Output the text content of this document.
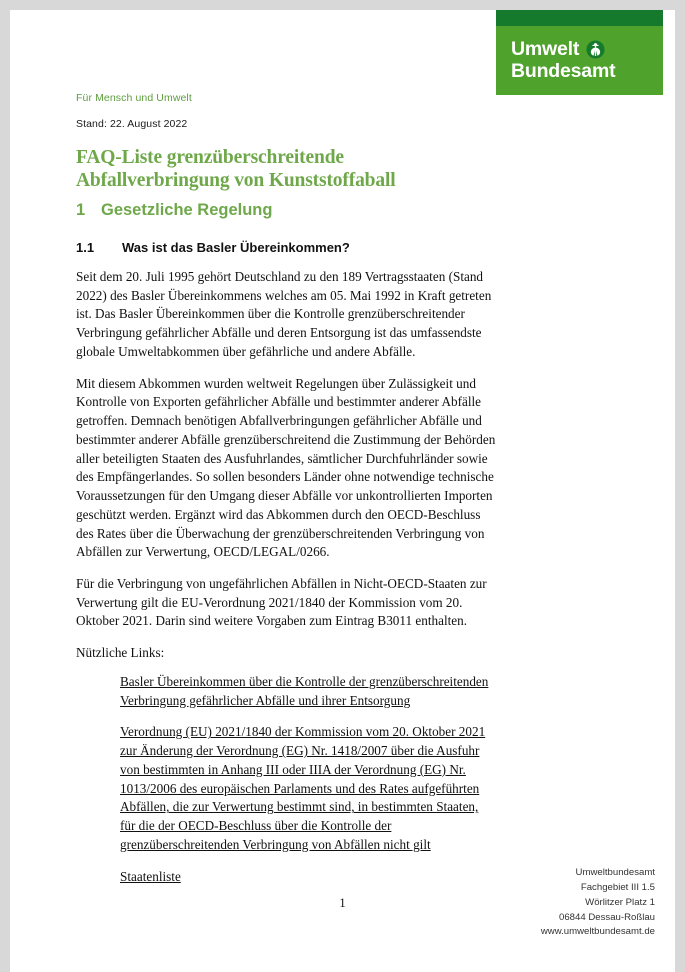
Umwelt
Bundesamt
Für Mensch und Umwelt
Stand: 22. August 2022
FAQ-Liste grenzüberschreitende
Abfallverbringung von Kunststoffaball
1 Gesetzliche Regelung
1.1	Was ist das Basler Übereinkommen?

Seit dem 20. Juli 1995 gehört Deutschland zu den 189 Vertragsstaaten (Stand 2022) des Basler Übereinkommens welches am 05. Mai 1992 in Kraft getreten ist. Das Basler Übereinkommen über die Kontrolle grenzüberschreitender Verbringung gefährlicher Abfälle und deren Entsorgung ist das umfassendste globale Umweltabkommen über gefährliche und andere Abfälle.

Mit diesem Abkommen wurden weltweit Regelungen über Zulässigkeit und Kontrolle von Exporten gefährlicher Abfälle und bestimmter anderer Abfälle getroffen. Demnach benötigen Abfallverbringungen gefährlicher Abfälle und bestimmter anderer Abfälle grenzüberschreitend die Zustimmung der Behörden aller beteiligten Staaten des Ausfuhrlandes, sämtlicher Durchfuhrländer sowie des Empfängerlandes. So sollen besonders Länder ohne notwendige technische Voraussetzungen für den Umgang dieser Abfälle vor unkontrollierten Importen geschützt werden. Ergänzt wird das Abkommen durch den OECD-Beschluss des Rates über die Überwachung der grenzüberschreitenden Verbringung von Abfällen zur Verwertung, OECD/LEGAL/0266.

Für die Verbringung von ungefährlichen Abfällen in Nicht-OECD-Staaten zur Verwertung gilt die EU-Verordnung 2021/1840 der Kommission vom 20. Oktober 2021. Darin sind weitere Vorgaben zum Eintrag B3011 enthalten.

Nützliche Links:

Basler Übereinkommen über die Kontrolle der grenzüberschreitenden Verbringung gefährlicher Abfälle und ihrer Entsorgung
Verordnung (EU) 2021/1840 der Kommission vom 20. Oktober 2021 zur Änderung der Verordnung (EG) Nr. 1418/2007 über die Ausfuhr von bestimmten in Anhang III oder IIIA der Verordnung (EG) Nr. 1013/2006 des europäischen Parlaments und des Rates aufgeführten Abfällen, die zur Verwertung bestimmt sind, in bestimmten Staaten, für die der OECD-Beschluss über die Kontrolle der grenzüberschreitenden Verbringung von Abfällen nicht gilt
Staatenliste
1
Umweltbundesamt
Fachgebiet III 1.5
Wörlitzer Platz 1
06844 Dessau-Roßlau
www.umweltbundesamt.de
